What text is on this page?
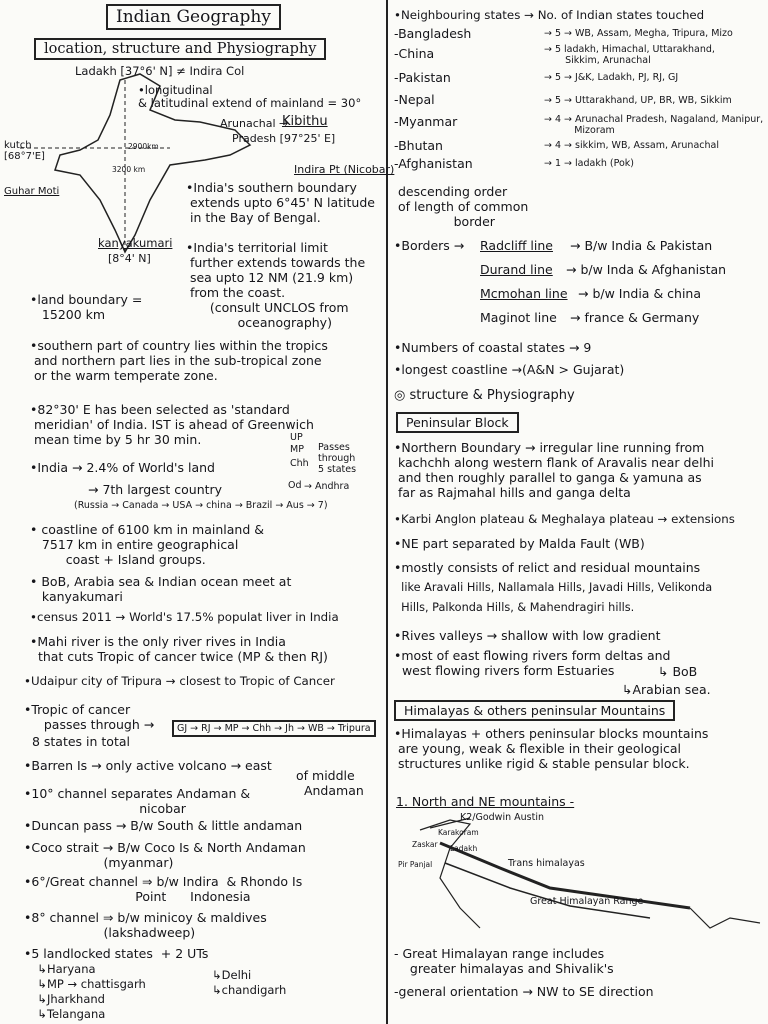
Indian Geography
location, structure and Physiography
Ladakh [37°6' N] ≠ Indira Col
•longitudinal
& latitudinal extend of mainland = 30°
Arunachal →
Kibithu
Pradesh [97°25' E]
kutch
[68°7'E]
Guhar Moti
2900km
3200 km	Indira Pt (Nicobar)
kanyakumari
[8°4' N]
•India's southern boundary
extends upto 6°45' N latitude
in the Bay of Bengal.
•India's territorial limit
further extends towards the
sea upto 12 NM (21.9 km)
from the coast.
(consult UNCLOS from
oceanography)
•land boundary =
15200 km
•southern part of country lies within the tropics
and northern part lies in the sub-tropical zone
or the warm temperate zone.
•82°30' E has been selected as 'standard
meridian' of India. IST is ahead of Greenwich
mean time by 5 hr 30 min.	UP
MP
Chh
Od
Passes
through
5 states
→ Andhra
•India → 2.4% of World's land
→ 7th largest country
(Russia → Canada → USA → china → Brazil → Aus → 7)
• coastline of 6100 km in mainland &
7517 km in entire geographical
coast + Island groups.
• BoB, Arabia sea & Indian ocean meet at
kanyakumari
•census 2011 → World's 17.5% populat liver in India
•Mahi river is the only river rives in India
that cuts Tropic of cancer twice (MP & then RJ)
•Udaipur city of Tripura → closest to Tropic of Cancer
•Tropic of cancer
passes through →	GJ → RJ → MP → Chh → Jh → WB → Tripura
8 states in total
•Barren Is → only active volcano → east
of middle
Andaman
•10° channel separates Andaman &
nicobar
•Duncan pass → B/w South & little andaman
•Coco strait → B/w Coco Is & North Andaman
(myanmar)
•6°/Great channel ⇒ b/w Indira  & Rhondo Is
Point      Indonesia
•8° channel ⇒ b/w minicoy & maldives
(lakshadweep)
•5 landlocked states  + 2 UTs
↳Haryana
↳MP → chattisgarh
↳Jharkhand
↳Telangana
↳Delhi
↳chandigarh
•Neighbouring states → No. of Indian states touched
-Bangladesh	→ 5 → WB, Assam, Megha, Tripura, Mizo
-China	→ 5 ladakh, Himachal, Uttarakhand,
Sikkim, Arunachal
-Pakistan	→ 5 → J&K, Ladakh, PJ, RJ, GJ
-Nepal	→ 5 → Uttarakhand, UP, BR, WB, Sikkim
-Myanmar	→ 4 → Arunachal Pradesh, Nagaland, Manipur,
Mizoram
-Bhutan	→ 4 → sikkim, WB, Assam, Arunachal
-Afghanistan	→ 1 → ladakh (Pok)
descending order
of length of common
border
•Borders → Radcliff line → B/w India & Pakistan
Durand line → b/w Inda & Afghanistan
Mcmohan line → b/w India & china
Maginot line → france & Germany
•Numbers of coastal states → 9
•longest coastline →(A&N > Gujarat)
◎ structure & Physiography
Peninsular Block
•Northern Boundary → irregular line running from
kachchh along western flank of Aravalis near delhi
and then roughly parallel to ganga & yamuna as
far as Rajmahal hills and ganga delta
•Karbi Anglon plateau & Meghalaya plateau → extensions
•NE part separated by Malda Fault (WB)
•mostly consists of relict and residual mountains
like Aravali Hills, Nallamala Hills, Javadi Hills, Velikonda
Hills, Palkonda Hills, & Mahendragiri hills.
•Rives valleys → shallow with low gradient
•most of east flowing rivers form deltas and
west flowing rivers form Estuaries	↳ BoB
↳Arabian sea.
Himalayas & others peninsular Mountains
•Himalayas + others peninsular blocks mountains
are young, weak & flexible in their geological
structures unlike rigid & stable pensular block.
1. North and NE mountains -
K2/Godwin Austin
Karakoram
Ladakh
Zaskar
Pir Panjal	Trans himalayas
Great Himalayan Range
- Great Himalayan range includes
greater himalayas and Shivalik's
-general orientation → NW to SE direction
